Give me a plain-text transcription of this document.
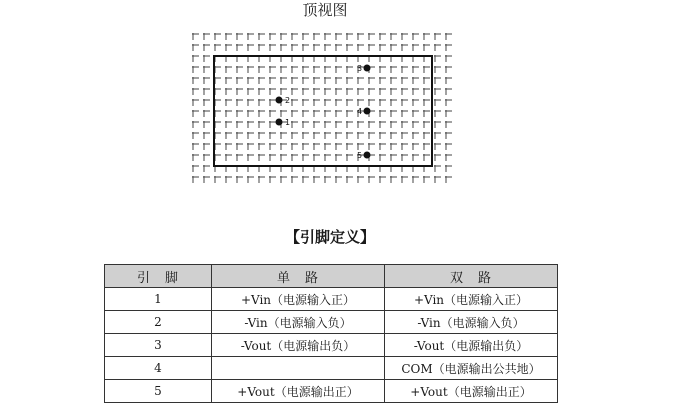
顶视图
1
2
3
4
5
【引脚定义】
引　脚	单　路	双　路
1	+Vin（电源输入正）	+Vin（电源输入正）
2	-Vin（电源输入负）	-Vin（电源输入负）
3	-Vout（电源输出负）	-Vout（电源输出负）
4		COM（电源输出公共地）
5	+Vout（电源输出正）	+Vout（电源输出正）
